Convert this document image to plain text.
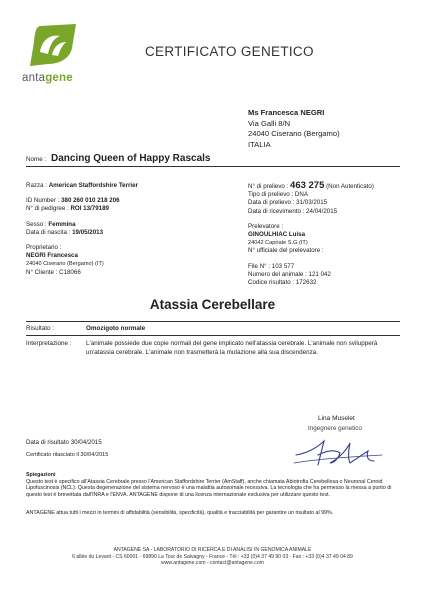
antagene
CERTIFICATO GENETICO
Ms Francesca NEGRI
Via Galli 8/N
24040 Ciserano (Bergamo)
ITALIA
Nome : Dancing Queen of Happy Rascals
Razza : American Staffordshire Terrier
ID Number : 380 260 010 218 206
N° di pedigree : ROI 13/79189
Sesso : Femmina
Data di nascita : 19/05/2013
Proprietario :
NEGRI Francesca
24040 Ciserano (Bergamo) (IT)
N° Cliente : C18066
N° di prelievo : 463 275 (Non Autenticato)
Tipo di prelievo : DNA
Data di prelievo : 31/03/2015
Data di ricevimento : 24/04/2015
Prelevatore :
GINOULHIAC Luisa
24042 Capriate S.G (IT)
N° ufficiale del prelevatore :
File N° : 103 577
Numero del animale : 121 042
Codice risultato : 172632
Atassia Cerebellare
Risultato :	Omozigoto normale
Interpretazione : L'animale possiede due copie normali del gene implicato nell'atassia cerebrale. L'animale non svilupperà un'atassia cerebrale. L'animale non trasmetterà la mutazione alla sua discendenza.
Lina Muselet
Ingegnere genetico
Data di risultato 30/04/2015
Certificato rilasciato il 30/04/2015
Spiegazioni
Questo test è specifico all'Atassia Cerebrale presso l'American Staffordshire Terrier (AmStaff), anche chiamata Abiotrofia Cerebellosa o Neuronal Ceroid Lipofuscinosis (NCL). Questa degenerazione del sistema nervoso è una malattia autosomale recessiva. La tecnologia che ha permesso la messa a punto di questo test è brevettata dall'INRA e l'ENVA. ANTAGENE dispone di una licenza internazionale esclusiva per utilizzare questo test.
ANTAGENE attua tutti i mezzi in termini di affidabilità (sensibilità, specificità), qualità e tracciabilità per garantire un risultato al 99%.
ANTAGENE SA - LABORATORIO DI RICERCA E DI ANALISI IN GENOMICA ANIMALE
6 allée du Levant - CS 60001 - 69890 La Tour de Salvagny - France - Tél : +33 (0)4 37 49 90 03 - Fax : +33 (0)4 37 49 04 89
www.antagene.com - contact@antagene.com
